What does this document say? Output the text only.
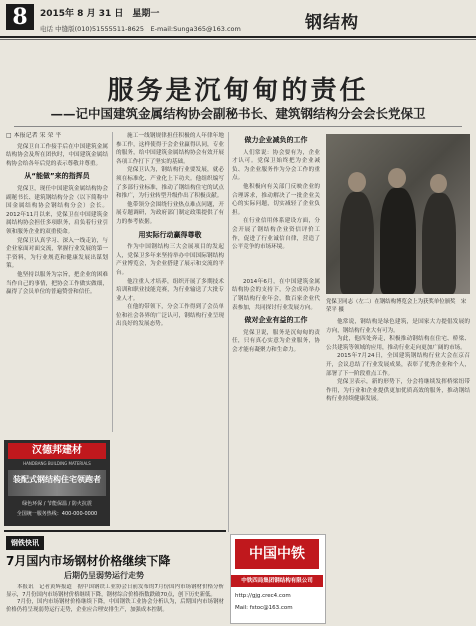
8	2015年 8 月 31 日　星期一
电话 中缝版(010)51555511-8625　E-mail:Sunga365@163.com	钢结构
服务是沉甸甸的责任
——记中国建筑金属结构协会副秘书长、建筑钢结构分会会长党保卫
□ 本报记者 宋 荣 平

党保卫自工作接手后在中国建筑金属结构协会及所在团伙时，中国建筑金属结构协会给各年后党的表示尊敬并尊重。

从“能做”来的指挥员

党保卫，现任中国建筑金属结构协会副秘书长、建筑钢结构分会（以下简称中国金属结构协会钢结构分会）会长。2012年11月以来，党保卫在中国建筑金属结构协会担任多项职务，肩负着行业引领和服务企业的双重使命。

党保卫认真学习、深入一线走访，与企业家面对面交流，掌握行业发展的第一手资料，为行业规范和健康发展出谋划策。

他坚持以服务为宗旨，把企业的困难当作自己的事情，把协会工作做实做细，赢得了会员单位的普遍赞誉和信任。

施工一线钢规律担任积极的人年律年地参工作，这样使得于会企业赢得认同，专业的服务，给中国建筑金属结构协会有效开展各项工作打下了坚实的基础。

党保卫认为，钢结构行业要发展，就必须在标准化、产业化上下功夫。他组织编写了多部行业标准，推动了钢结构住宅的试点和推广，为行业转型升级作出了积极贡献。

他带领分会围绕行业热点难点问题，开展专题调研，为政府部门制定政策提供了有力的参考依据。

用实际行动赢得尊敬

作为中国钢结构三大会展项目的发起人，党保卫多年来坚持举办中国国际钢结构产业博览会，为企业搭建了展示和交流的平台。

他注重人才培养，组织开展了多期技术培训和职业技能竞赛，为行业输送了大批专业人才。

在他的带领下，分会工作得到了会员单位和社会各界的广泛认可，钢结构行业呈现出良好的发展态势。

做力企业减负的工作

人们常说：协会要有为，企业才认可。党保卫始终把为企业减负、为企业服务作为分会工作的重点。

他积极向有关部门反映企业的合理诉求，推动解决了一批企业关心的实际问题，切实减轻了企业负担。

在行业信用体系建设方面，分会开展了钢结构企业资信评价工作，促进了行业诚信自律，营造了公平竞争的市场环境。

2014年6月，在中国建筑金属结构协会的支持下，分会成功举办了钢结构行业年会，数百家企业代表参加，共同探讨行业发展方向。

做对企业有益的工作

党保卫说，服务是沉甸甸的责任，只有真心实意为企业服务，协会才能有凝聚力和生命力。

党保卫同志（左二）在钢结构博览会上为获奖单位颁奖　宋荣平 摄

他常说，钢结构是绿色建筑，是国家大力提倡发展的方向，钢结构行业大有可为。

为此，他四处奔走，积极推动钢结构在住宅、桥梁、公共建筑等领域的应用，推动行业走向更加广阔的市场。

2015年7月24日，全国建筑钢结构行业大会在京召开，会议总结了行业发展成果，表彰了优秀企业和个人，部署了下一阶段重点工作。

党保卫表示，新的形势下，分会将继续发挥桥梁纽带作用，为行业和企业提供更加优质高效的服务，推动钢结构行业持续健康发展。

汉德邦建材
HANDBANG BUILDING MATERIALS
装配式钢结构住宅领跑者
绿色环保 / 节能保温 / 防火抗震
全国统一服务热线：400-000-0000
钢铁快讯
7月国内市场钢材价格继续下降
后期仍呈弱势运行走势

本报讯　记者黄辉报道　据中国钢铁工业协会日前发布的7月份国内市场钢材价格分析显示，7月份国内市场钢材价格继续下降，钢材综合价格指数跌破70点，创下历史新低。

7月份，国内市场钢材价格继续下降，中国钢铁工业协会分析认为，后期国内市场钢材价格仍将呈现弱势运行走势，企业应合理安排生产，加强成本控制。

中国中铁
中铁四局集团钢结构有限公司
http://gjg.crec4.com
Mail: fstoc@163.com
